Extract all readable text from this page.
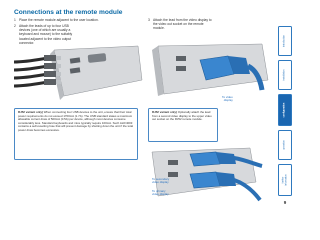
Connections at the remote module
1 Place the remote module adjacent to the user location.
2 Attach the leads of up to four USB devices (one of which are usually a keyboard and mouse) to the suitably located adjacent to the video output connector.
3 Attach the lead from the video display to the video out socket on the remote module.
To video
display
RJ52 variant only) When connecting four USB devices to the unit, ensure that their total power requirements do not exceed 1700mA (1.7A). The USB standard states a maximum allowable current draw of 500mA (0.5A) per device, although most devices consume considerably less. Standard keyboards and mice typically require 100mA. Such ALIF4003 contains a self-resetting fuse that will prevent damage by shutting down the unit if the total power draw becomes excessive.
RJ52 variant only) Optionally attach the lead from a second video display to the upper video out socket on the RJ52 remote module.
To secondary
video display
To primary
video display
introduction
installation
configuration
operation
further
information
9
